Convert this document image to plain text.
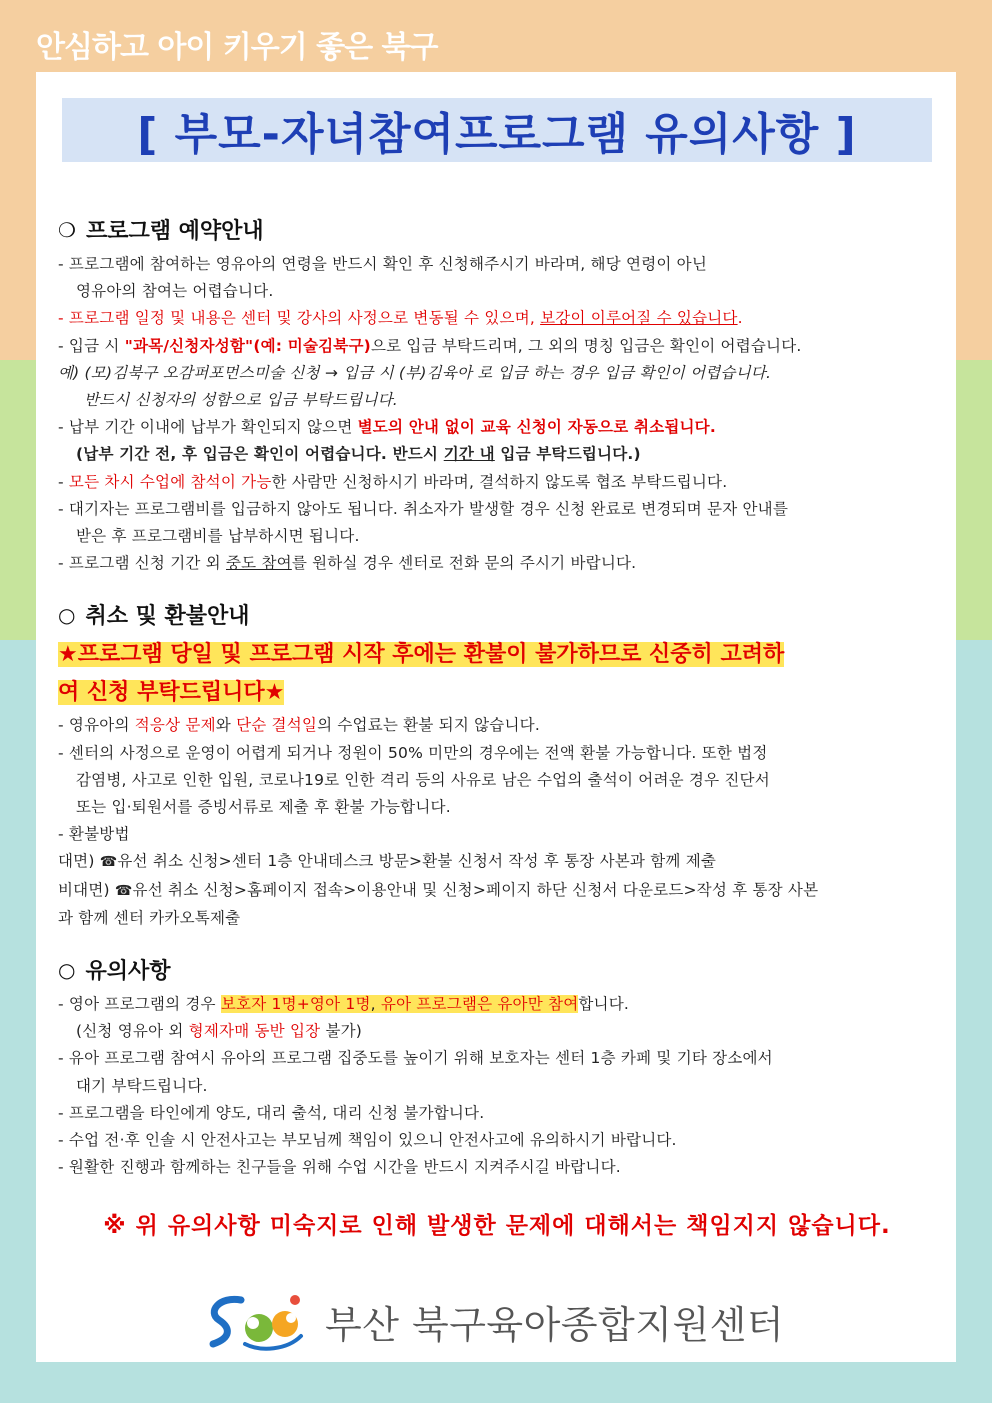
안심하고 아이 키우기 좋은 북구
[ 부모-자녀참여프로그램 유의사항 ]
❍ 프로그램 예약안내
- 프로그램에 참여하는 영유아의 연령을 반드시 확인 후 신청해주시기 바라며, 해당 연령이 아닌
영유아의 참여는 어렵습니다.
- 프로그램 일정 및 내용은 센터 및 강사의 사정으로 변동될 수 있으며, 보강이 이루어질 수 있습니다.
- 입금 시 "과목/신청자성함"(예: 미술김북구)으로 입금 부탁드리며, 그 외의 명칭 입금은 확인이 어렵습니다.
예) (모)김북구 오감퍼포먼스미술 신청 → 입금 시 (부)김육아 로 입금 하는 경우 입금 확인이 어렵습니다.
반드시 신청자의 성함으로 입금 부탁드립니다.
- 납부 기간 이내에 납부가 확인되지 않으면 별도의 안내 없이 교육 신청이 자동으로 취소됩니다.
(납부 기간 전, 후 입금은 확인이 어렵습니다. 반드시 기간 내 입금 부탁드립니다.)
- 모든 차시 수업에 참석이 가능한 사람만 신청하시기 바라며, 결석하지 않도록 협조 부탁드립니다.
- 대기자는 프로그램비를 입금하지 않아도 됩니다. 취소자가 발생할 경우 신청 완료로 변경되며 문자 안내를
받은 후 프로그램비를 납부하시면 됩니다.
- 프로그램 신청 기간 외 중도 참여를 원하실 경우 센터로 전화 문의 주시기 바랍니다.
○ 취소 및 환불안내
★프로그램 당일 및 프로그램 시작 후에는 환불이 불가하므로 신중히 고려하
여 신청 부탁드립니다★
- 영유아의 적응상 문제와 단순 결석일의 수업료는 환불 되지 않습니다.
- 센터의 사정으로 운영이 어렵게 되거나 정원이 50% 미만의 경우에는 전액 환불 가능합니다. 또한 법정
감염병, 사고로 인한 입원, 코로나19로 인한 격리 등의 사유로 남은 수업의 출석이 어려운 경우 진단서
또는 입·퇴원서를 증빙서류로 제출 후 환불 가능합니다.
- 환불방법
대면) ☎유선 취소 신청>센터 1층 안내데스크 방문>환불 신청서 작성 후 통장 사본과 함께 제출
비대면) ☎유선 취소 신청>홈페이지 접속>이용안내 및 신청>페이지 하단 신청서 다운로드>작성 후 통장 사본
과 함께 센터 카카오톡제출
○ 유의사항
- 영아 프로그램의 경우 보호자 1명+영아 1명, 유아 프로그램은 유아만 참여합니다.
(신청 영유아 외 형제자매 동반 입장 불가)
- 유아 프로그램 참여시 유아의 프로그램 집중도를 높이기 위해 보호자는 센터 1층 카페 및 기타 장소에서
대기 부탁드립니다.
- 프로그램을 타인에게 양도, 대리 출석, 대리 신청 불가합니다.
- 수업 전·후 인솔 시 안전사고는 부모님께 책임이 있으니 안전사고에 유의하시기 바랍니다.
- 원활한 진행과 함께하는 친구들을 위해 수업 시간을 반드시 지켜주시길 바랍니다.
※ 위 유의사항 미숙지로 인해 발생한 문제에 대해서는 책임지지 않습니다.
부산 북구육아종합지원센터
